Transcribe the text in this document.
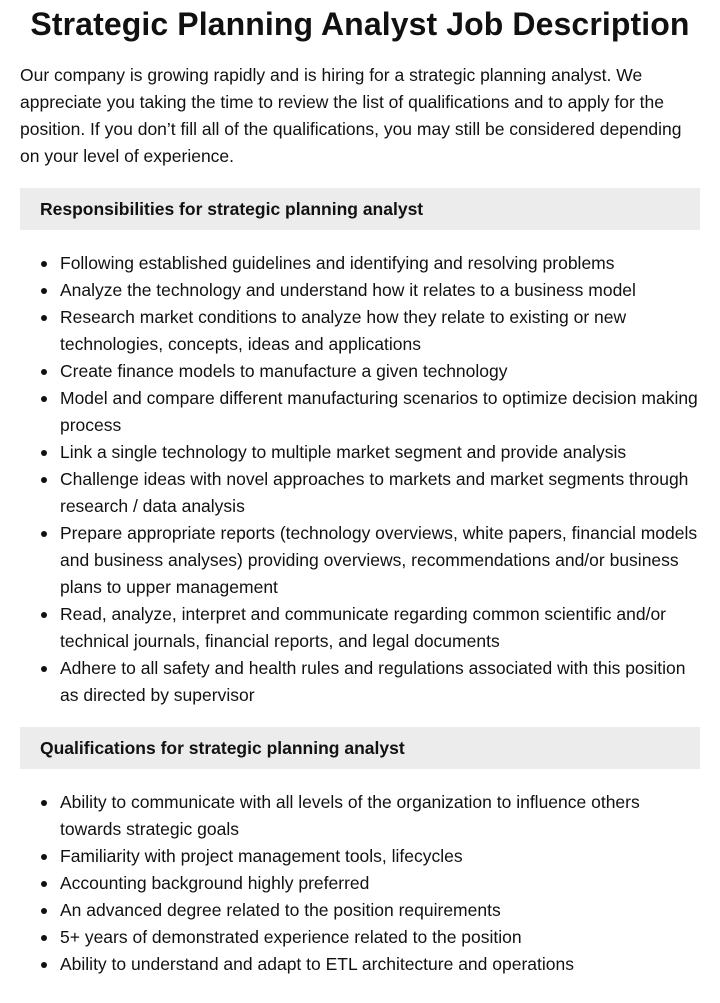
Strategic Planning Analyst Job Description

Our company is growing rapidly and is hiring for a strategic planning analyst. We appreciate you taking the time to review the list of qualifications and to apply for the position. If you don’t fill all of the qualifications, you may still be considered depending on your level of experience.

Responsibilities for strategic planning analyst
Following established guidelines and identifying and resolving problems
Analyze the technology and understand how it relates to a business model
Research market conditions to analyze how they relate to existing or new technologies, concepts, ideas and applications
Create finance models to manufacture a given technology
Model and compare different manufacturing scenarios to optimize decision making process
Link a single technology to multiple market segment and provide analysis
Challenge ideas with novel approaches to markets and market segments through research / data analysis
Prepare appropriate reports (technology overviews, white papers, financial models and business analyses) providing overviews, recommendations and/or business plans to upper management
Read, analyze, interpret and communicate regarding common scientific and/or technical journals, financial reports, and legal documents
Adhere to all safety and health rules and regulations associated with this position as directed by supervisor
Qualifications for strategic planning analyst
Ability to communicate with all levels of the organization to influence others towards strategic goals
Familiarity with project management tools, lifecycles
Accounting background highly preferred
An advanced degree related to the position requirements
5+ years of demonstrated experience related to the position
Ability to understand and adapt to ETL architecture and operations
